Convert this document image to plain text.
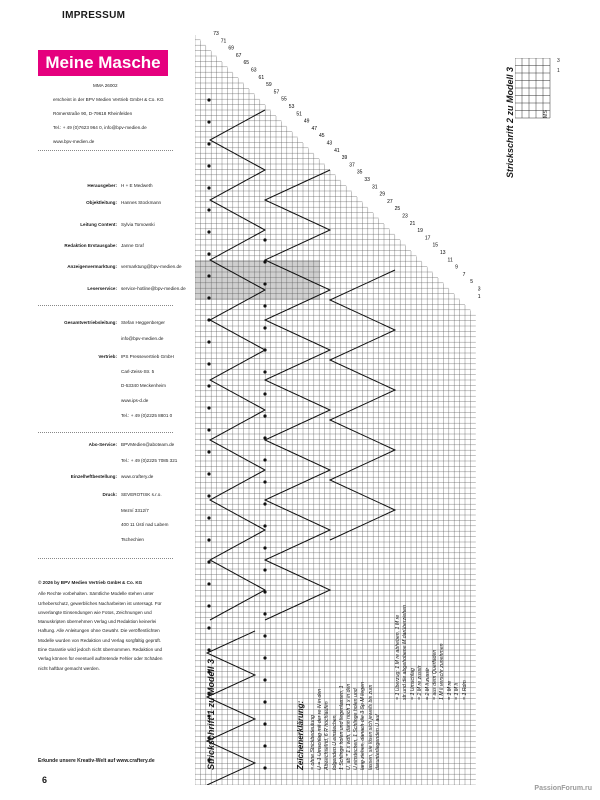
IMPRESSUM
Meine Masche
MMA 26002
erscheint in der BPV Medien Vertrieb GmbH & Co. KG
Römerstraße 90, D-79618 Rheinfelden
Tel.: + 49 (0)7623 964 0, info@bpv-medien.de
www.bpv-medien.de
Herausgeber: H + E Medweth
Objektleitung: Hannes Stockmann
Leitung Content: Sylvia Tomowski
Redaktion Erstausgabe: Janne Graf
Anzeigenvermarktung: vermarktung@bpv-medien.de
Leserservice: service-hotline@bpv-medien.de
Gesamtvertriebsleitung: Stefan Heggenberger
info@bpv-medien.de
Vertrieb: IPS Pressevertrieb GmbH
Carl-Zeiss-Str. 5
D-53340 Meckenheim
www.ips-d.de
Tel.: + 49 (0)2225 8801 0
Abo-Service: BPVMedien@aboteam.de
Tel.: + 49 (0)2225 7085 321
Einzelheftbestellung: www.craftery.de
Druck: SEVEROTISK s.r.o.
Mezní 3312/7
400 11 Ústí nad Labem
Tschechien
© 2026 by BPV Medien Vertrieb GmbH & Co. KG
Alle Rechte vorbehalten. Sämtliche Modelle stehen unter
Urheberschutz, gewerbliches Nacharbeiten ist untersagt. Für
unverlangte Einsendungen wie Fotos, Zeichnungen und
Manuskripten übernehmen Verlag und Redaktion keinerlei
Haftung. Alle Anleitungen ohne Gewähr. Die veröffentlichten
Modelle wurden von Redaktion und Verlag sorgfältig geprüft.
Eine Garantie wird jedoch nicht übernommen. Redaktion und
Verlag können für eventuell auftretende Fehler oder Schäden
nicht haftbar gemacht werden.
Erkunde unsere Kreativ-Welt auf www.craftery.de
6
PassionForum.ru
73
71
69
67
65
63
61
59
57
55
53
51
49
47
45
43
41
39
37
35
33
31
29
27
25
23
21
19
17
15
13
11
9
7
5
3
1
Strickschrift 1 zu Modell 3
Strickschrift 2 zu Modell 3	MS
3
1
Zeichenerklärung: = ohne Strickbedeutung U = 1 Umschlag mit der re N in den Abwechselnd, 6 R hochlaufen folgenden U einstechen, 1 Schlinge holen und liegenlassen, 1 U, ab * 1 x wdh, dann noch 1 x in den U einstechen, 1 Schlinge holen und lang ziehen, danach die 3 Sp M liegen lassen, sie lösen sich jeweils bis zum darunterliegenden U auf
= 1 Überzug: 1 M re abheben, 1 M re str und die abgehobene M darüberziehen = 1 Umschlag = 2 M re zusstr = 2 M li zusstr = aus dem Querfaden 1 M li verschr zunehmen = 1 M re = 1 M li = 1 Rdm
